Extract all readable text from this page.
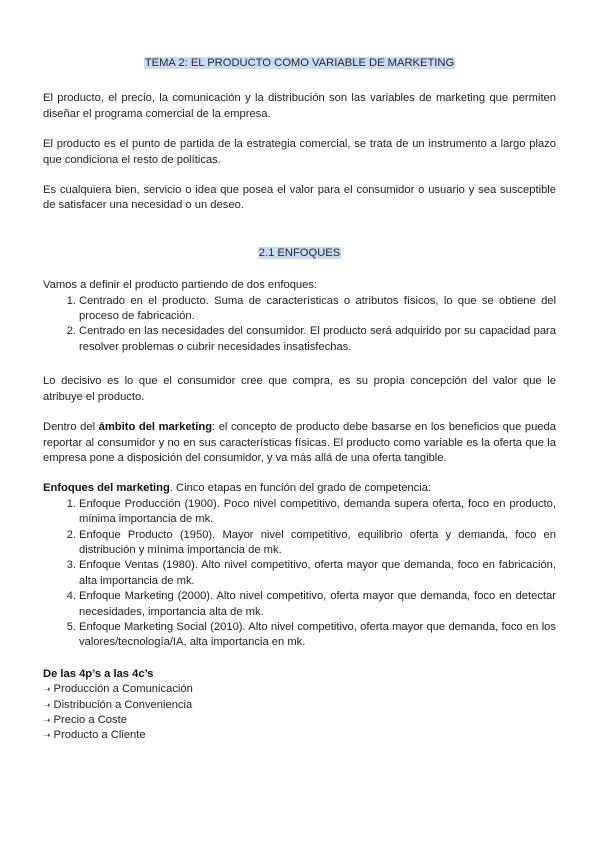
TEMA 2: EL PRODUCTO COMO VARIABLE DE MARKETING

El producto, el precio, la comunicación y la distribución son las variables de marketing que permiten diseñar el programa comercial de la empresa.

El producto es el punto de partida de la estrategia comercial, se trata de un instrumento a largo plazo que condiciona el resto de políticas.

Es cualquiera bien, servicio o idea que posea el valor para el consumidor o usuario y sea susceptible de satisfacer una necesidad o un deseo.

2.1 ENFOQUES

Vamos a definir el producto partiendo de dos enfoques:

1. Centrado en el producto. Suma de características o atributos físicos, lo que se obtiene del proceso de fabricación.
2. Centrado en las necesidades del consumidor. El producto será adquirido por su capacidad para resolver problemas o cubrir necesidades insatisfechas.

Lo decisivo es lo que el consumidor cree que compra, es su propia concepción del valor que le atribuye el producto.

Dentro del ámbito del marketing: el concepto de producto debe basarse en los beneficios que pueda reportar al consumidor y no en sus características físicas. El producto como variable es la oferta que la empresa pone a disposición del consumidor, y va más allá de una oferta tangible.

Enfoques del marketing. Cinco etapas en función del grado de competencia:

1. Enfoque Producción (1900). Poco nivel competitivo, demanda supera oferta, foco en producto, mínima importancia de mk.
2. Enfoque Producto (1950). Mayor nivel competitivo, equilibrio oferta y demanda, foco en distribución y mínima importancia de mk.
3. Enfoque Ventas (1980). Alto nivel competitivo, oferta mayor que demanda, foco en fabricación, alta importancia de mk.
4. Enfoque Marketing (2000). Alto nivel competitivo, oferta mayor que demanda, foco en detectar necesidades, importancia alta de mk.
5. Enfoque Marketing Social (2010). Alto nivel competitivo, oferta mayor que demanda, foco en los valores/tecnología/IA, alta importancia en mk.

De las 4p’s a las 4c’s

➝ Producción a Comunicación
➝ Distribución a Conveniencia
➝ Precio a Coste
➝ Producto a Cliente
